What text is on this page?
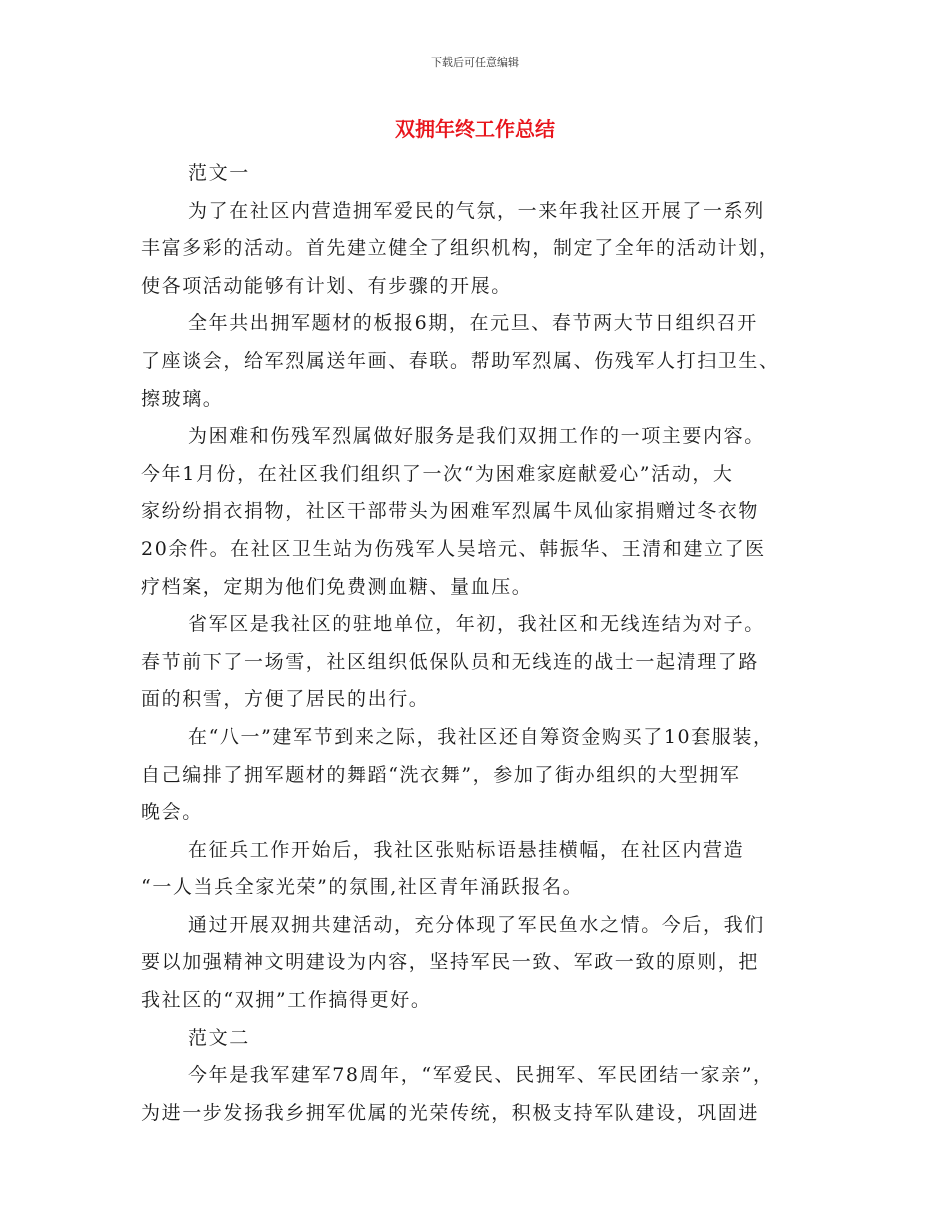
下载后可任意编辑
双拥年终工作总结
范文一
为了在社区内营造拥军爱民的气氛，一来年我社区开展了一系列
丰富多彩的活动。首先建立健全了组织机构，制定了全年的活动计划，
使各项活动能够有计划、有步骤的开展。
全年共出拥军题材的板报6期，在元旦、春节两大节日组织召开
了座谈会，给军烈属送年画、春联。帮助军烈属、伤残军人打扫卫生、
擦玻璃。
为困难和伤残军烈属做好服务是我们双拥工作的一项主要内容。
今年1月份，在社区我们组织了一次“为困难家庭献爱心”活动，大
家纷纷捐衣捐物，社区干部带头为困难军烈属牛凤仙家捐赠过冬衣物
20余件。在社区卫生站为伤残军人吴培元、韩振华、王清和建立了医
疗档案，定期为他们免费测血糖、量血压。
省军区是我社区的驻地单位，年初，我社区和无线连结为对子。
春节前下了一场雪，社区组织低保队员和无线连的战士一起清理了路
面的积雪，方便了居民的出行。
在“八一”建军节到来之际，我社区还自筹资金购买了10套服装，
自己编排了拥军题材的舞蹈“洗衣舞”，参加了街办组织的大型拥军
晚会。
在征兵工作开始后，我社区张贴标语悬挂横幅，在社区内营造
“一人当兵全家光荣”的氛围,社区青年涌跃报名。
通过开展双拥共建活动，充分体现了军民鱼水之情。今后，我们
要以加强精神文明建设为内容，坚持军民一致、军政一致的原则，把
我社区的“双拥”工作搞得更好。
范文二
今年是我军建军78周年，“军爱民、民拥军、军民团结一家亲”，
为进一步发扬我乡拥军优属的光荣传统，积极支持军队建设，巩固进
